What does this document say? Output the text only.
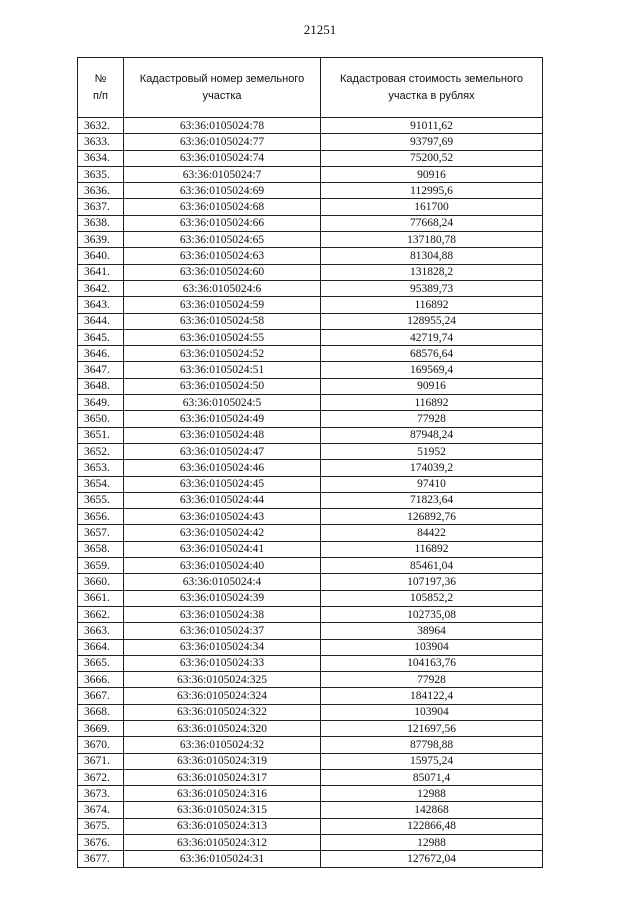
21251
№
п/п	Кадастровый номер земельного участка	Кадастровая стоимость земельного участка в рублях
3632.	63:36:0105024:78	91011,62
3633.	63:36:0105024:77	93797,69
3634.	63:36:0105024:74	75200,52
3635.	63:36:0105024:7	90916
3636.	63:36:0105024:69	112995,6
3637.	63:36:0105024:68	161700
3638.	63:36:0105024:66	77668,24
3639.	63:36:0105024:65	137180,78
3640.	63:36:0105024:63	81304,88
3641.	63:36:0105024:60	131828,2
3642.	63:36:0105024:6	95389,73
3643.	63:36:0105024:59	116892
3644.	63:36:0105024:58	128955,24
3645.	63:36:0105024:55	42719,74
3646.	63:36:0105024:52	68576,64
3647.	63:36:0105024:51	169569,4
3648.	63:36:0105024:50	90916
3649.	63:36:0105024:5	116892
3650.	63:36:0105024:49	77928
3651.	63:36:0105024:48	87948,24
3652.	63:36:0105024:47	51952
3653.	63:36:0105024:46	174039,2
3654.	63:36:0105024:45	97410
3655.	63:36:0105024:44	71823,64
3656.	63:36:0105024:43	126892,76
3657.	63:36:0105024:42	84422
3658.	63:36:0105024:41	116892
3659.	63:36:0105024:40	85461,04
3660.	63:36:0105024:4	107197,36
3661.	63:36:0105024:39	105852,2
3662.	63:36:0105024:38	102735,08
3663.	63:36:0105024:37	38964
3664.	63:36:0105024:34	103904
3665.	63:36:0105024:33	104163,76
3666.	63:36:0105024:325	77928
3667.	63:36:0105024:324	184122,4
3668.	63:36:0105024:322	103904
3669.	63:36:0105024:320	121697,56
3670.	63:36:0105024:32	87798,88
3671.	63:36:0105024:319	15975,24
3672.	63:36:0105024:317	85071,4
3673.	63:36:0105024:316	12988
3674.	63:36:0105024:315	142868
3675.	63:36:0105024:313	122866,48
3676.	63:36:0105024:312	12988
3677.	63:36:0105024:31	127672,04
